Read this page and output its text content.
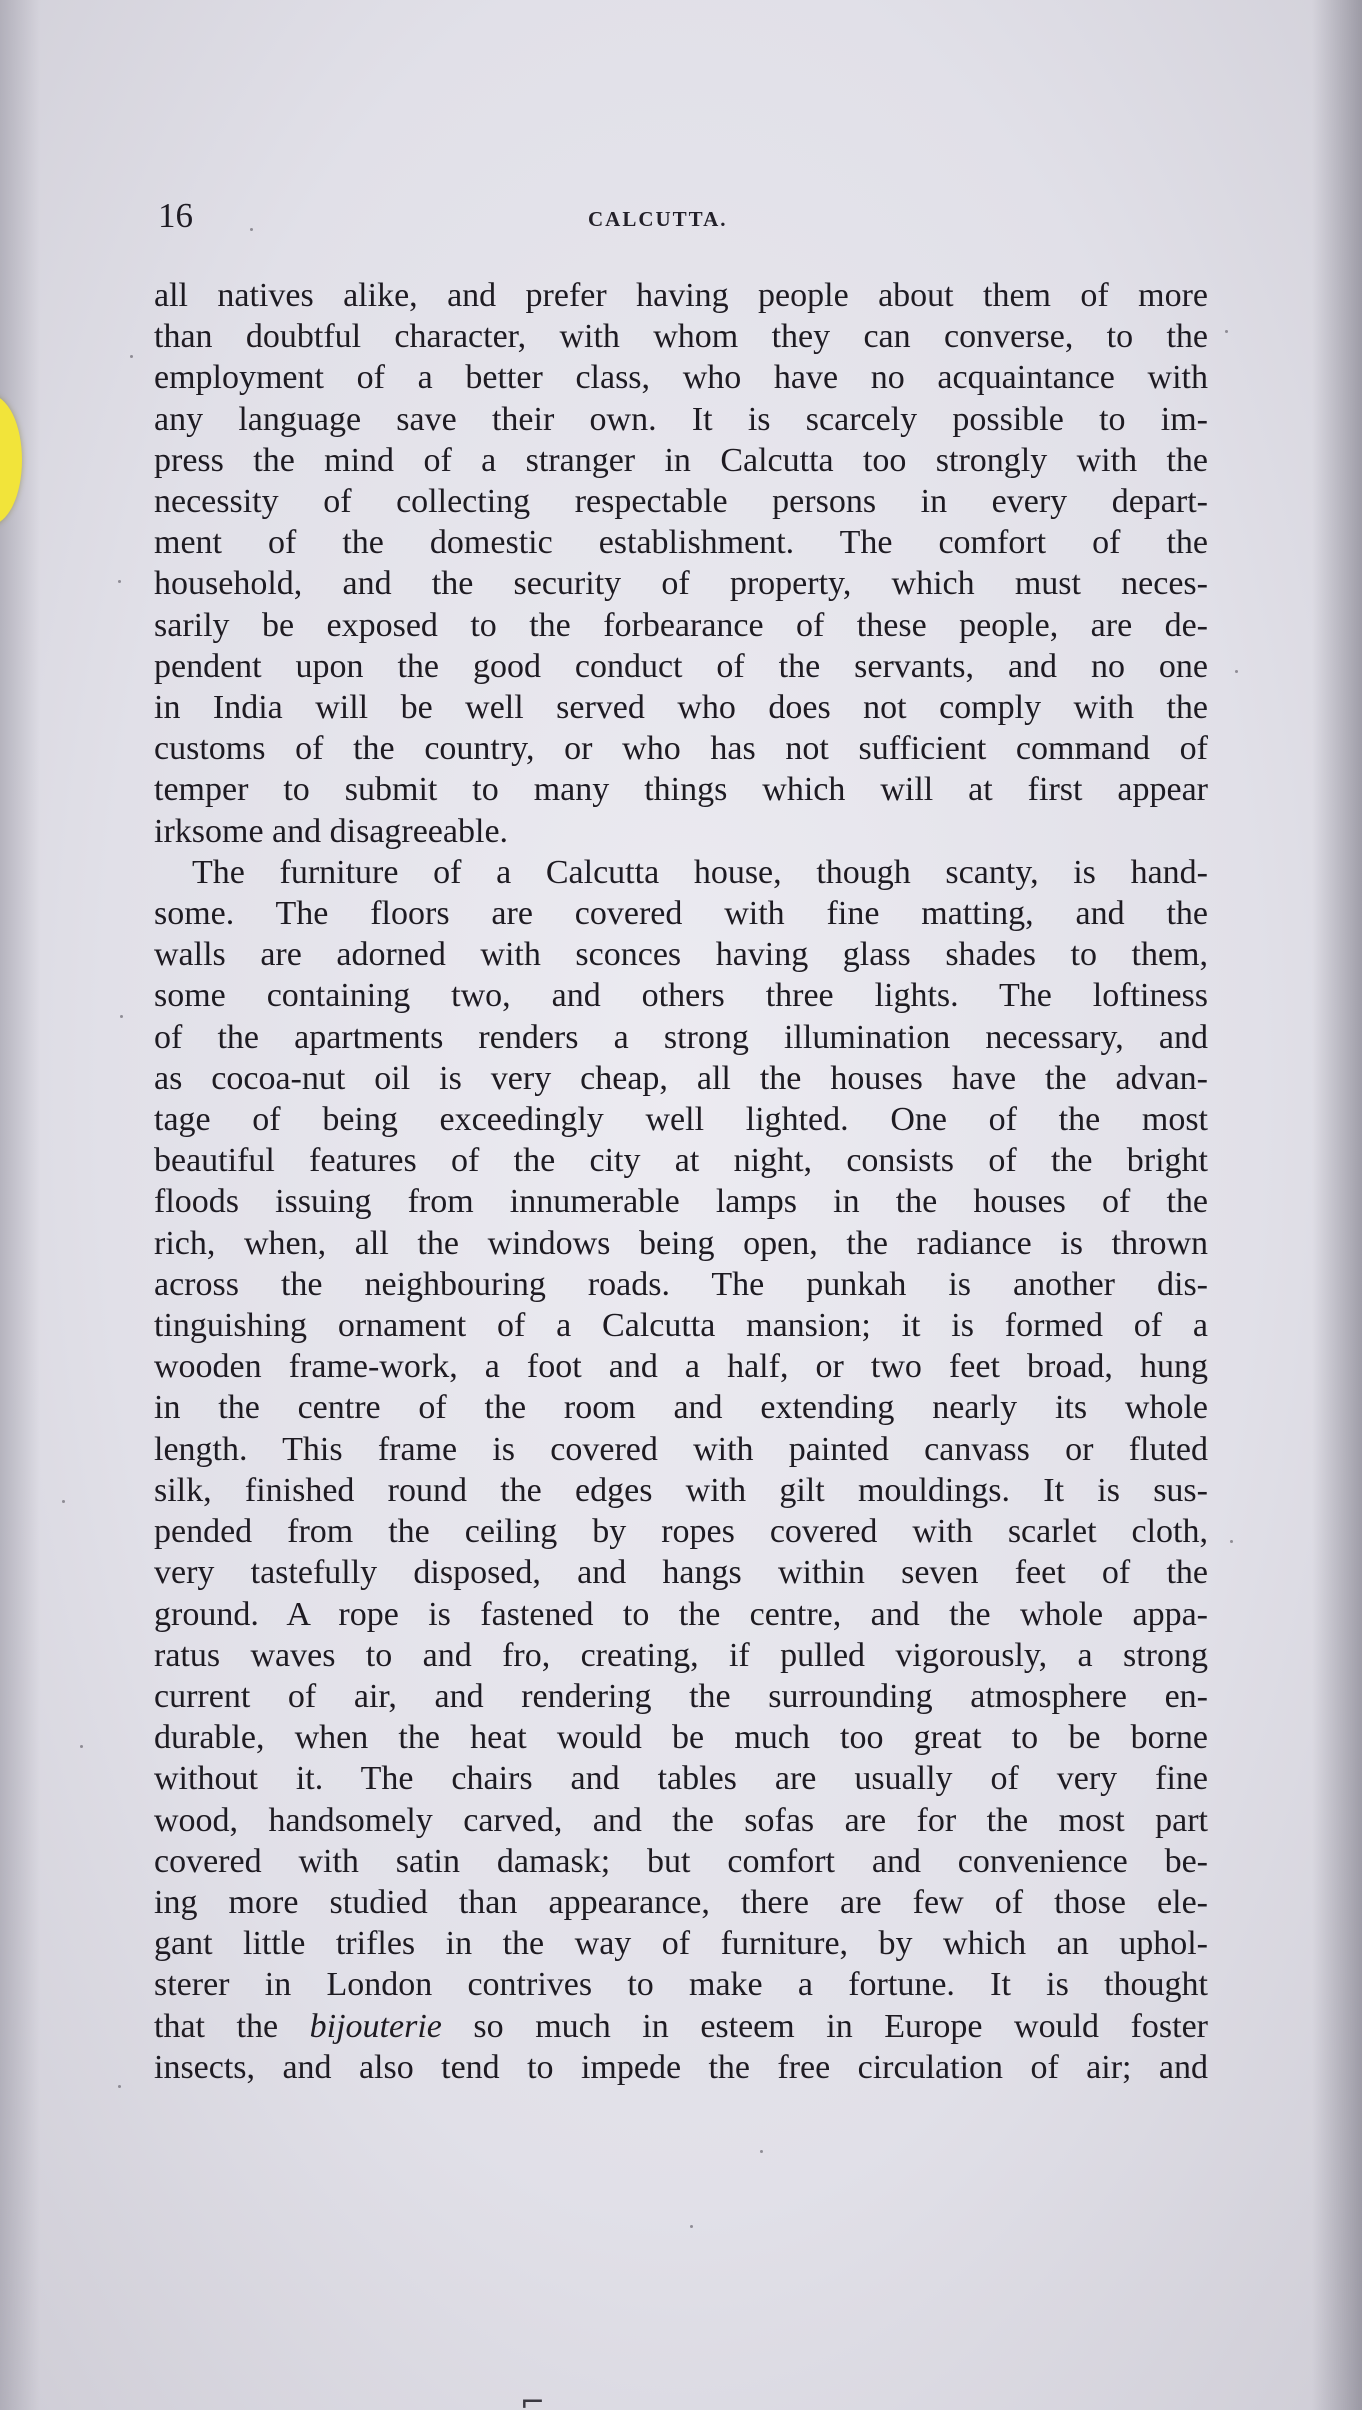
16	CALCUTTA.

all natives alike, and prefer having people about them of more

than doubtful character, with whom they can converse, to the

employment of a better class, who have no acquaintance with

any language save their own. It is scarcely possible to im-

press the mind of a stranger in Calcutta too strongly with the

necessity of collecting respectable persons in every depart-

ment of the domestic establishment. The comfort of the

household, and the security of property, which must neces-

sarily be exposed to the forbearance of these people, are de-

pendent upon the good conduct of the servants, and no one

in India will be well served who does not comply with the

customs of the country, or who has not sufficient command of

temper to submit to many things which will at first appear

irksome and disagreeable.

The furniture of a Calcutta house, though scanty, is hand-

some. The floors are covered with fine matting, and the

walls are adorned with sconces having glass shades to them,

some containing two, and others three lights. The loftiness

of the apartments renders a strong illumination necessary, and

as cocoa-nut oil is very cheap, all the houses have the advan-

tage of being exceedingly well lighted. One of the most

beautiful features of the city at night, consists of the bright

floods issuing from innumerable lamps in the houses of the

rich, when, all the windows being open, the radiance is thrown

across the neighbouring roads. The punkah is another dis-

tinguishing ornament of a Calcutta mansion; it is formed of a

wooden frame-work, a foot and a half, or two feet broad, hung

in the centre of the room and extending nearly its whole

length. This frame is covered with painted canvass or fluted

silk, finished round the edges with gilt mouldings. It is sus-

pended from the ceiling by ropes covered with scarlet cloth,

very tastefully disposed, and hangs within seven feet of the

ground. A rope is fastened to the centre, and the whole appa-

ratus waves to and fro, creating, if pulled vigorously, a strong

current of air, and rendering the surrounding atmosphere en-

durable, when the heat would be much too great to be borne

without it. The chairs and tables are usually of very fine

wood, handsomely carved, and the sofas are for the most part

covered with satin damask; but comfort and convenience be-

ing more studied than appearance, there are few of those ele-

gant little trifles in the way of furniture, by which an uphol-

sterer in London contrives to make a fortune. It is thought

that the bijouterie so much in esteem in Europe would foster

insects, and also tend to impede the free circulation of air; and

⌐
